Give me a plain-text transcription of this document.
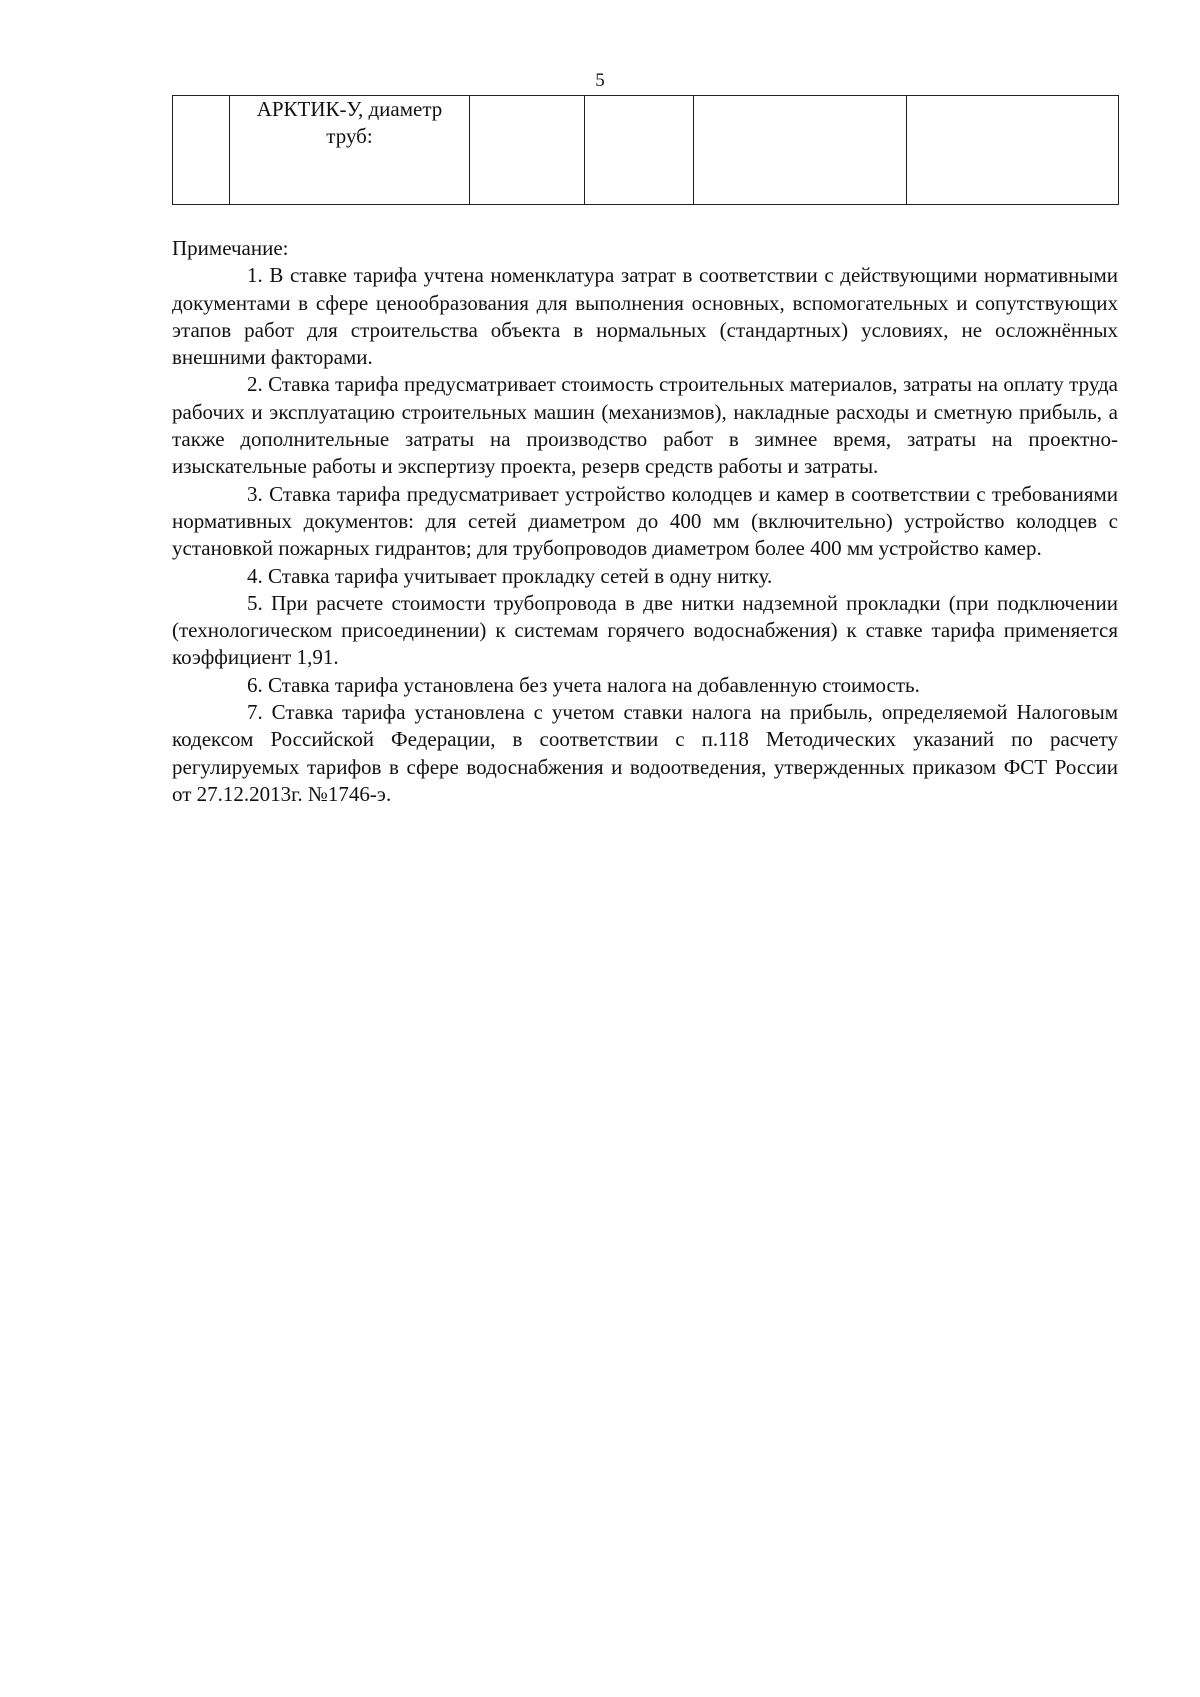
5

АРКТИК-У, диаметр
труб:

Примечание:

1. В ставке тарифа учтена номенклатура затрат в соответствии с действующими нормативными документами в сфере ценообразования для выполнения основных, вспомогательных и сопутствующих этапов работ для строительства объекта в нормальных (стандартных) условиях, не осложнённых внешними факторами.

2. Ставка тарифа предусматривает стоимость строительных материалов, затраты на оплату труда рабочих и эксплуатацию строительных машин (механизмов), накладные расходы и сметную прибыль, а также дополнительные затраты на производство работ в зимнее время, затраты на проектно-изыскательные работы и экспертизу проекта, резерв средств работы и затраты.

3. Ставка тарифа предусматривает устройство колодцев и камер в соответствии с требованиями нормативных документов: для сетей диаметром до 400 мм (включительно) устройство колодцев с установкой пожарных гидрантов; для трубопроводов диаметром более 400 мм устройство камер.

4. Ставка тарифа учитывает прокладку сетей в одну нитку.

5. При расчете стоимости трубопровода в две нитки надземной прокладки (при подключении (технологическом присоединении) к системам горячего водоснабжения) к ставке тарифа применяется коэффициент 1,91.

6. Ставка тарифа установлена без учета налога на добавленную стоимость.

7. Ставка тарифа установлена с учетом ставки налога на прибыль, определяемой Налоговым кодексом Российской Федерации, в соответствии с п.118 Методических указаний по расчету регулируемых тарифов в сфере водоснабжения и водоотведения, утвержденных приказом ФСТ России от 27.12.2013г. №1746-э.
